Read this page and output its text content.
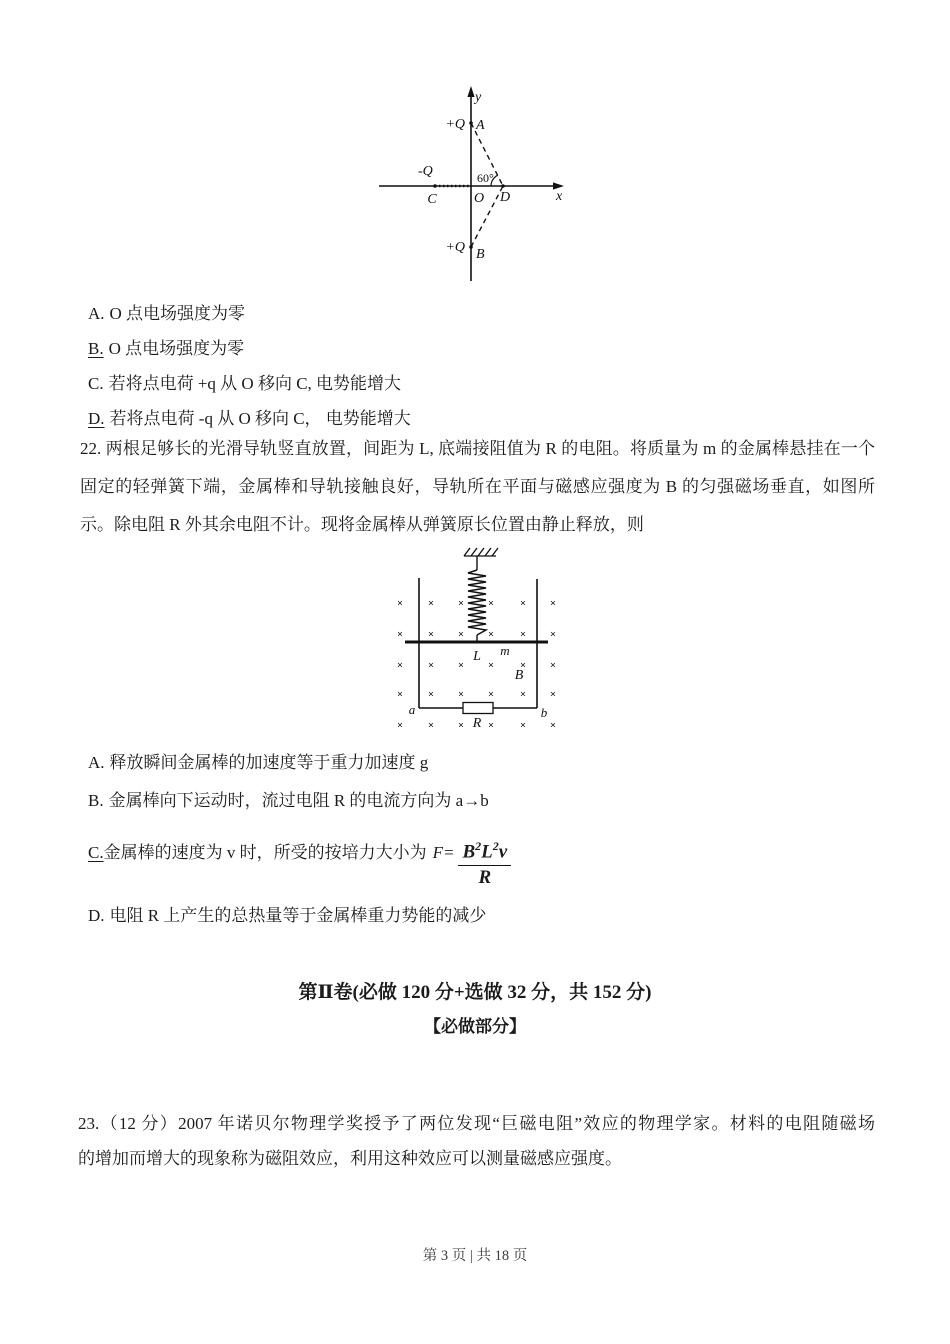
y
x
+Q A
-Q
C	O D
60°
+Q B
A. O 点电场强度为零
B. O 点电场强度为零
C. 若将点电荷 +q 从 O 移向 C, 电势能增大
D. 若将点电荷 -q 从 O 移向 C， 电势能增大
22. 两根足够长的光滑导轨竖直放置，间距为 L, 底端接阻值为 R 的电阻。将质量为 m 的金属棒悬挂在一个
固定的轻弹簧下端，金属棒和导轨接触良好，导轨所在平面与磁感应强度为 B 的匀强磁场垂直，如图所
示。除电阻 R 外其余电阻不计。现将金属棒从弹簧原长位置由静止释放，则
× × × × × ×
× × × × × ×
× × × × × ×
× × × × × ×
× × × × × ×
L m
B
a	b
R
A. 释放瞬间金属棒的加速度等于重力加速度 g
B. 金属棒向下运动时，流过电阻 R 的电流方向为 a→b
C.金属棒的速度为 v 时，所受的按培力大小为 $F= \frac{B^2L^2v}{R}$
D. 电阻 R 上产生的总热量等于金属棒重力势能的减少
第Ⅱ卷(必做 120 分+选做 32 分，共 152 分)
【必做部分】
23.（12 分）2007 年诺贝尔物理学奖授予了两位发现“巨磁电阻”效应的物理学家。材料的电阻随磁场
的增加而增大的现象称为磁阻效应，利用这种效应可以测量磁感应强度。
第 3 页 | 共 18 页
